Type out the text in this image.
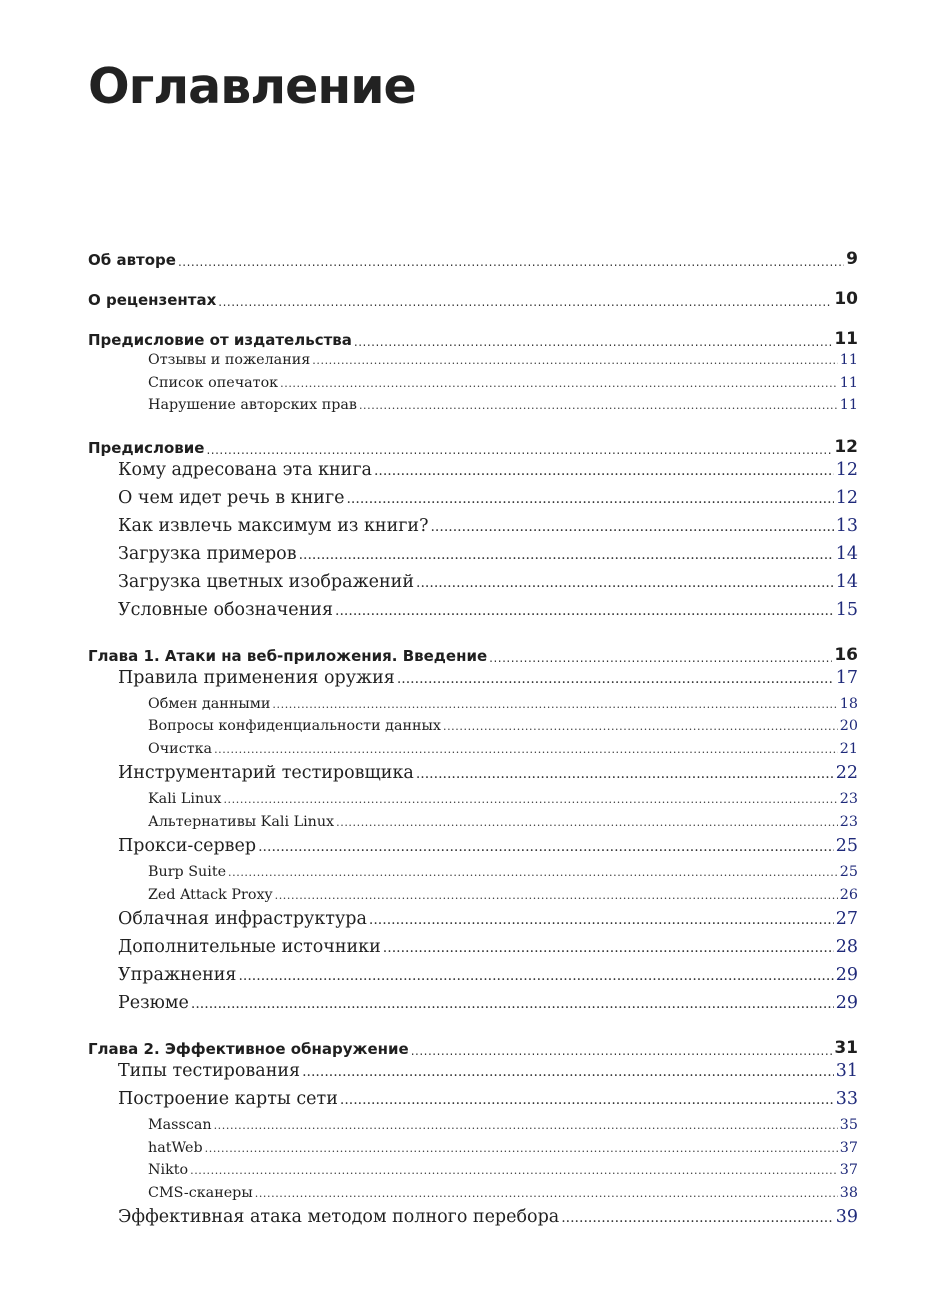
Оглавление
Об авторе .....	9
О рецензентах .....	10
Предисловие от издательства .....	11
Отзывы и пожелания .....	11
Список опечаток .....	11
Нарушение авторских прав .....	11
Предисловие .....	12
Кому адресована эта книга .....	12
О чем идет речь в книге .....	12
Как извлечь максимум из книги? .....	13
Загрузка примеров .....	14
Загрузка цветных изображений .....	14
Условные обозначения .....	15
Глава 1. Атаки на веб-приложения. Введение .....	16
Правила применения оружия .....	17
Обмен данными .....	18
Вопросы конфиденциальности данных .....	20
Очистка .....	21
Инструментарий тестировщика .....	22
Kali Linux .....	23
Альтернативы Kali Linux .....	23
Прокси-сервер .....	25
Burp Suite .....	25
Zed Attack Proxy .....	26
Облачная инфраструктура .....	27
Дополнительные источники .....	28
Упражнения .....	29
Резюме .....	29
Глава 2. Эффективное обнаружение .....	31
Типы тестирования .....	31
Построение карты сети .....	33
Masscan .....	35
hatWeb .....	37
Nikto .....	37
CMS-сканеры .....	38
Эффективная атака методом полного перебора .....	39
